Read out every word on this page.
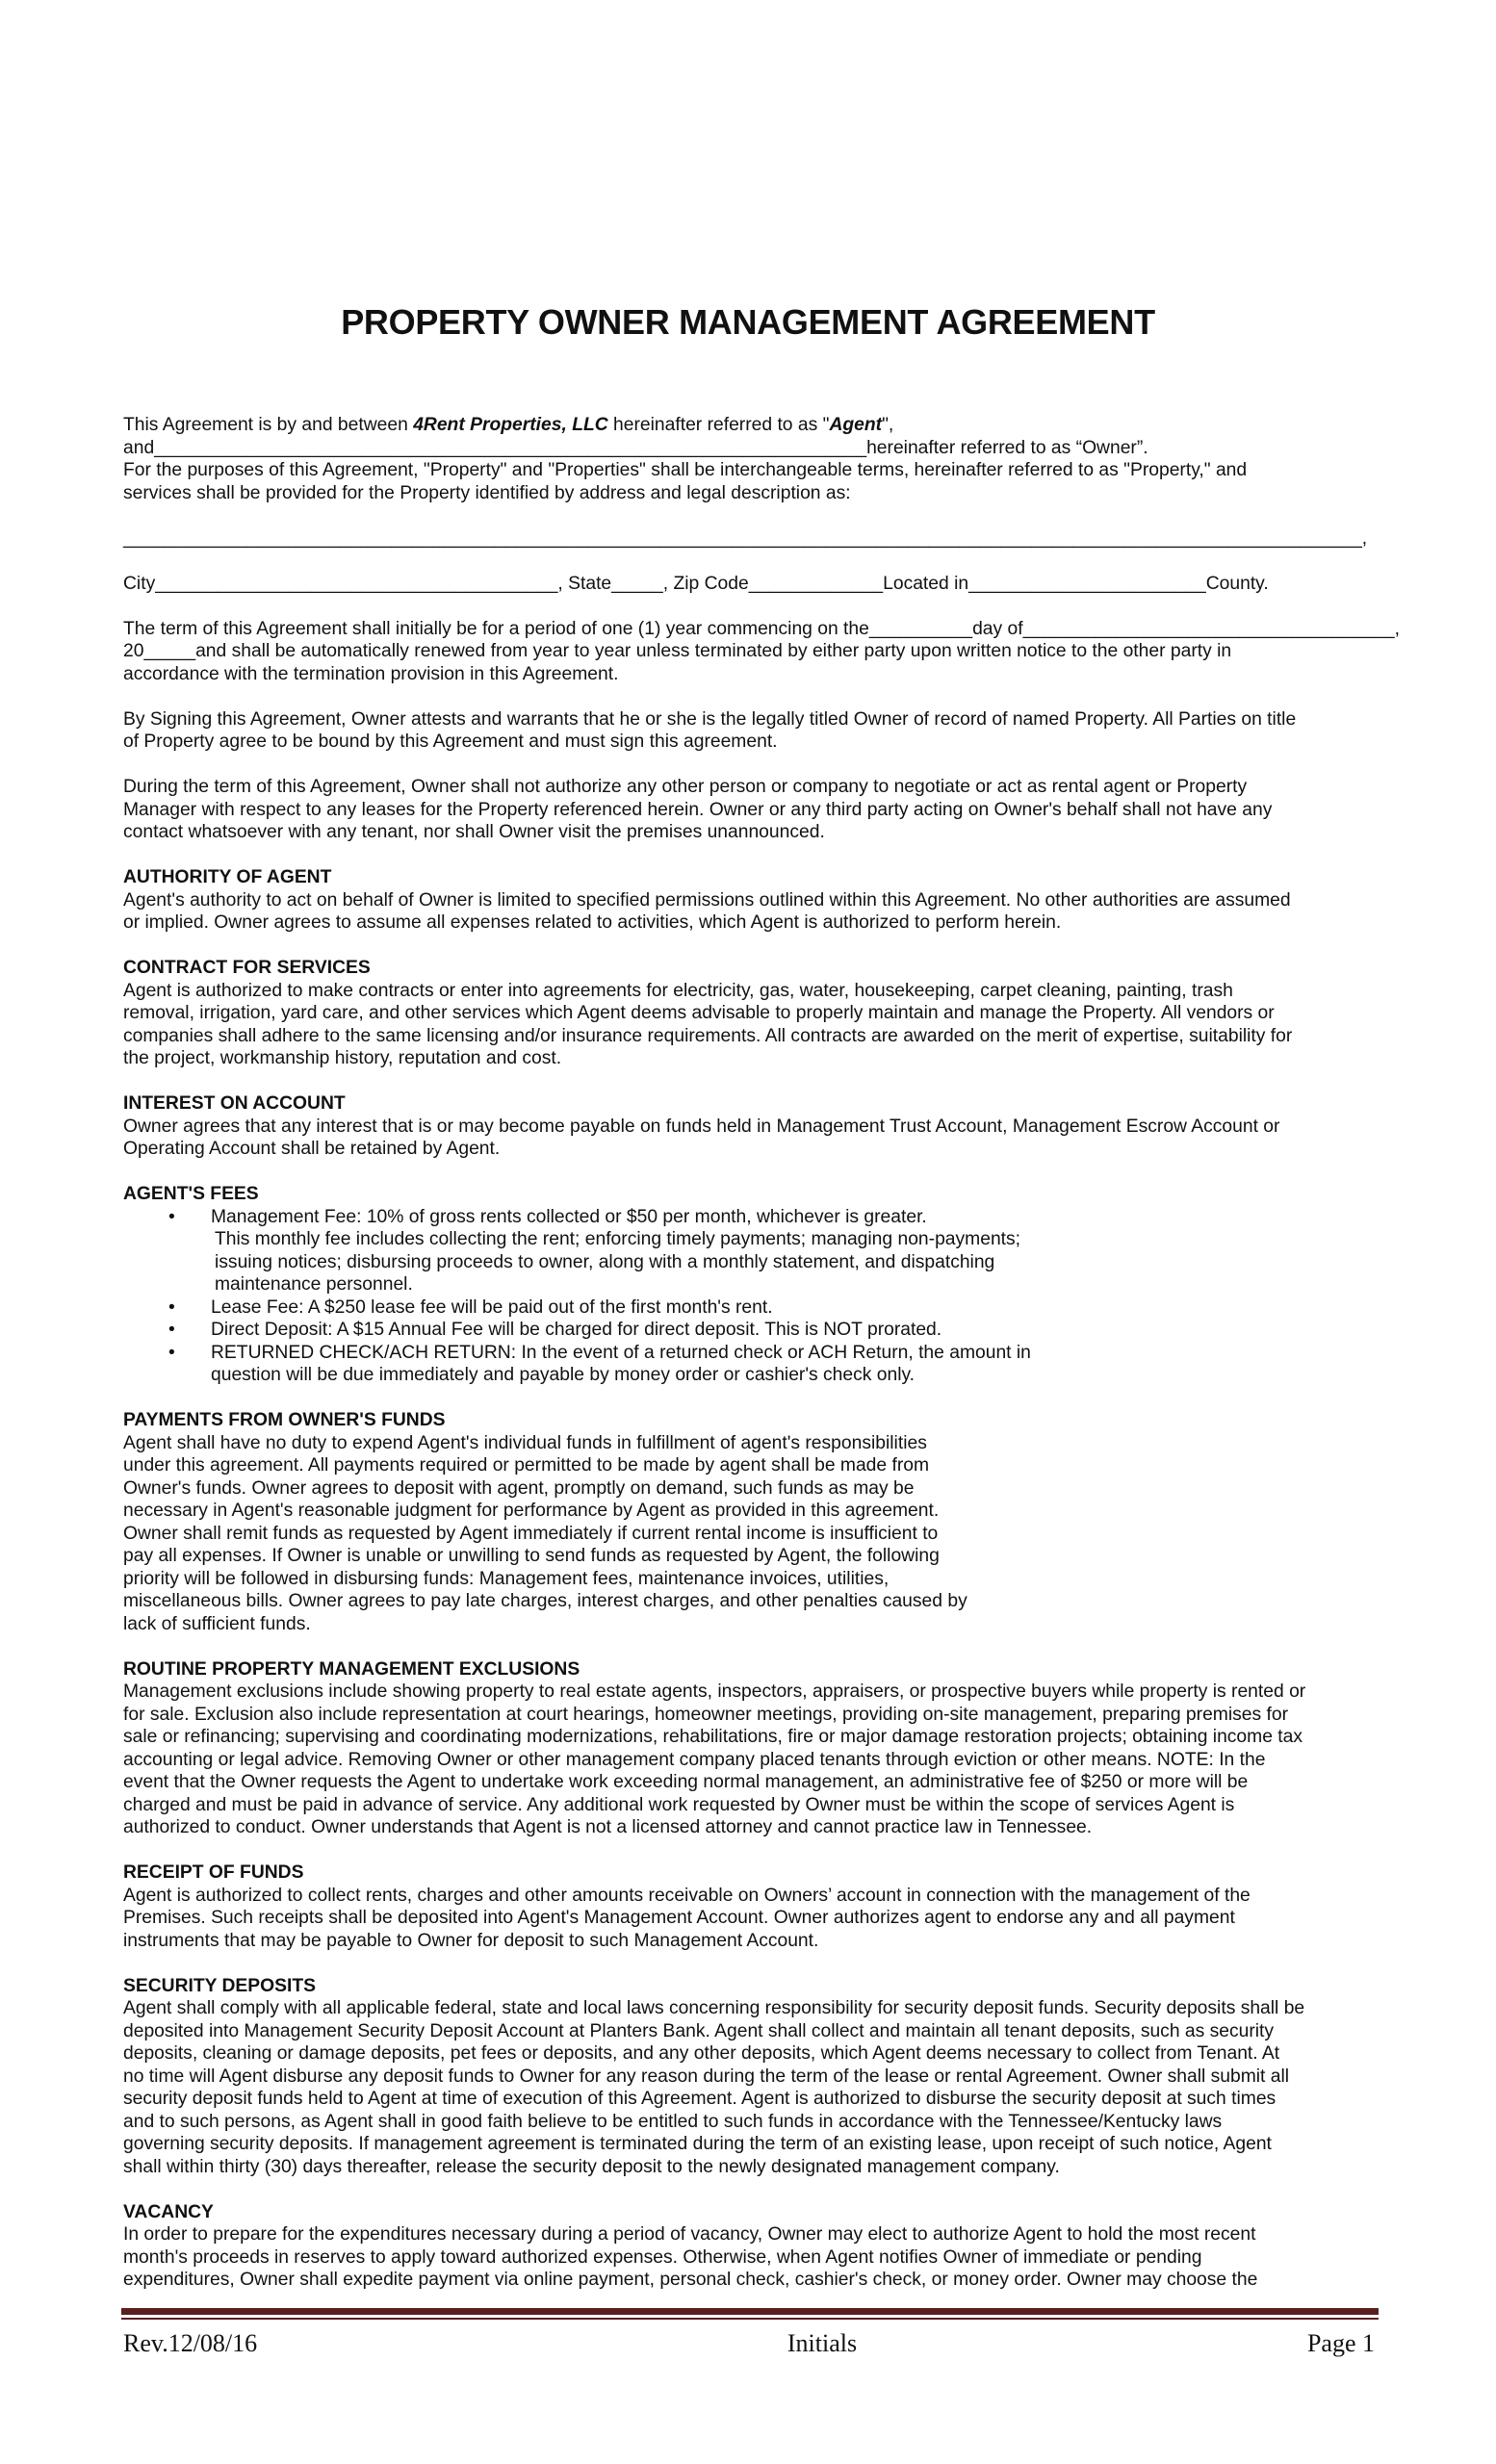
PROPERTY OWNER MANAGEMENT AGREEMENT
This Agreement is by and between 4Rent Properties, LLC hereinafter referred to as "Agent",
and_____________________________________________________________________hereinafter referred to as “Owner”.
For the purposes of this Agreement, "Property" and "Properties" shall be interchangeable terms, hereinafter referred to as "Property," and
services shall be provided for the Property identified by address and legal description as:
________________________________________________________________________________________________________________________,
City_______________________________________, State_____, Zip Code_____________Located in_______________________County.
The term of this Agreement shall initially be for a period of one (1) year commencing on the__________day of____________________________________,
20_____and shall be automatically renewed from year to year unless terminated by either party upon written notice to the other party in
accordance with the termination provision in this Agreement.
By Signing this Agreement, Owner attests and warrants that he or she is the legally titled Owner of record of named Property. All Parties on title
of Property agree to be bound by this Agreement and must sign this agreement.
During the term of this Agreement, Owner shall not authorize any other person or company to negotiate or act as rental agent or Property
Manager with respect to any leases for the Property referenced herein. Owner or any third party acting on Owner's behalf shall not have any
contact whatsoever with any tenant, nor shall Owner visit the premises unannounced.
AUTHORITY OF AGENT
Agent's authority to act on behalf of Owner is limited to specified permissions outlined within this Agreement. No other authorities are assumed
or implied. Owner agrees to assume all expenses related to activities, which Agent is authorized to perform herein.
CONTRACT FOR SERVICES
Agent is authorized to make contracts or enter into agreements for electricity, gas, water, housekeeping, carpet cleaning, painting, trash
removal, irrigation, yard care, and other services which Agent deems advisable to properly maintain and manage the Property. All vendors or
companies shall adhere to the same licensing and/or insurance requirements. All contracts are awarded on the merit of expertise, suitability for
the project, workmanship history, reputation and cost.
INTEREST ON ACCOUNT
Owner agrees that any interest that is or may become payable on funds held in Management Trust Account, Management Escrow Account or
Operating Account shall be retained by Agent.
AGENT'S FEES
• Management Fee: 10% of gross rents collected or $50 per month, whichever is greater.
This monthly fee includes collecting the rent; enforcing timely payments; managing non-payments;
issuing notices; disbursing proceeds to owner, along with a monthly statement, and dispatching
maintenance personnel.
• Lease Fee: A $250 lease fee will be paid out of the first month's rent.
• Direct Deposit: A $15 Annual Fee will be charged for direct deposit. This is NOT prorated.
• RETURNED CHECK/ACH RETURN: In the event of a returned check or ACH Return, the amount in
question will be due immediately and payable by money order or cashier's check only.
PAYMENTS FROM OWNER'S FUNDS
Agent shall have no duty to expend Agent's individual funds in fulfillment of agent's responsibilities
under this agreement. All payments required or permitted to be made by agent shall be made from
Owner's funds. Owner agrees to deposit with agent, promptly on demand, such funds as may be
necessary in Agent's reasonable judgment for performance by Agent as provided in this agreement.
Owner shall remit funds as requested by Agent immediately if current rental income is insufficient to
pay all expenses. If Owner is unable or unwilling to send funds as requested by Agent, the following
priority will be followed in disbursing funds: Management fees, maintenance invoices, utilities,
miscellaneous bills. Owner agrees to pay late charges, interest charges, and other penalties caused by
lack of sufficient funds.
ROUTINE PROPERTY MANAGEMENT EXCLUSIONS
Management exclusions include showing property to real estate agents, inspectors, appraisers, or prospective buyers while property is rented or
for sale. Exclusion also include representation at court hearings, homeowner meetings, providing on-site management, preparing premises for
sale or refinancing; supervising and coordinating modernizations, rehabilitations, fire or major damage restoration projects; obtaining income tax
accounting or legal advice. Removing Owner or other management company placed tenants through eviction or other means. NOTE: In the
event that the Owner requests the Agent to undertake work exceeding normal management, an administrative fee of $250 or more will be
charged and must be paid in advance of service. Any additional work requested by Owner must be within the scope of services Agent is
authorized to conduct. Owner understands that Agent is not a licensed attorney and cannot practice law in Tennessee.
RECEIPT OF FUNDS
Agent is authorized to collect rents, charges and other amounts receivable on Owners’ account in connection with the management of the
Premises. Such receipts shall be deposited into Agent's Management Account. Owner authorizes agent to endorse any and all payment
instruments that may be payable to Owner for deposit to such Management Account.
SECURITY DEPOSITS
Agent shall comply with all applicable federal, state and local laws concerning responsibility for security deposit funds. Security deposits shall be
deposited into Management Security Deposit Account at Planters Bank. Agent shall collect and maintain all tenant deposits, such as security
deposits, cleaning or damage deposits, pet fees or deposits, and any other deposits, which Agent deems necessary to collect from Tenant. At
no time will Agent disburse any deposit funds to Owner for any reason during the term of the lease or rental Agreement. Owner shall submit all
security deposit funds held to Agent at time of execution of this Agreement. Agent is authorized to disburse the security deposit at such times
and to such persons, as Agent shall in good faith believe to be entitled to such funds in accordance with the Tennessee/Kentucky laws
governing security deposits. If management agreement is terminated during the term of an existing lease, upon receipt of such notice, Agent
shall within thirty (30) days thereafter, release the security deposit to the newly designated management company.
VACANCY
In order to prepare for the expenditures necessary during a period of vacancy, Owner may elect to authorize Agent to hold the most recent
month's proceeds in reserves to apply toward authorized expenses. Otherwise, when Agent notifies Owner of immediate or pending
expenditures, Owner shall expedite payment via online payment, personal check, cashier's check, or money order. Owner may choose the
Rev.12/08/16	Initials	Page 1
